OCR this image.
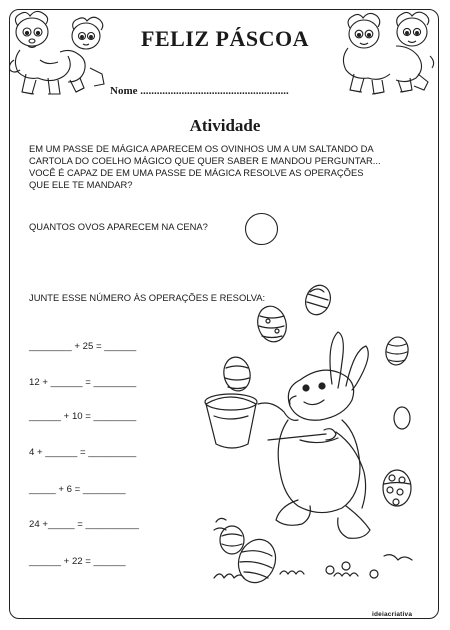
FELIZ PÁSCOA
Nome ......................................................
Atividade
EM UM PASSE DE MÁGICA APARECEM OS OVINHOS UM A UM SALTANDO DA
CARTOLA DO COELHO MÁGICO QUE QUER SABER E MANDOU PERGUNTAR...
VOCÊ É CAPAZ DE EM UMA PASSE DE MÁGICA RESOLVE AS OPERAÇÕES
QUE ELE TE MANDAR?
QUANTOS OVOS APARECEM NA CENA?
JUNTE ESSE NÚMERO ÀS OPERAÇÕES E RESOLVA:
________ + 25 = ______
12 + ______ = ________
______ + 10 = ________
4 + ______ = _________
_____ + 6 = ________
24 +_____ = __________
______ + 22 = ______
ideiacriativa
